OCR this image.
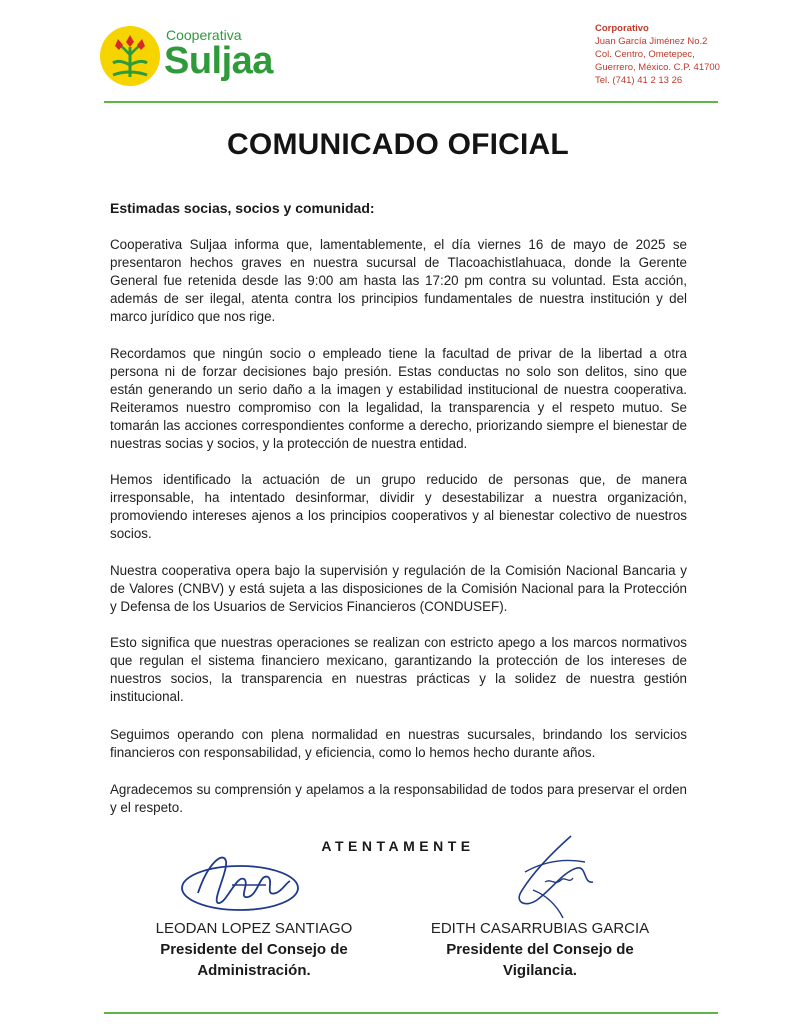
Cooperativa
Suljaa
Corporativo
Juan García Jiménez No.2
Col. Centro, Ometepec,
Guerrero, México. C.P. 41700
Tel. (741) 41 2 13 26
COMUNICADO OFICIAL
Estimadas socias, socios y comunidad:
Cooperativa Suljaa informa que, lamentablemente, el día viernes 16 de mayo de 2025 se presentaron hechos graves en nuestra sucursal de Tlacoachistlahuaca, donde la Gerente General fue retenida desde las 9:00 am hasta las 17:20 pm contra su voluntad. Esta acción, además de ser ilegal, atenta contra los principios fundamentales de nuestra institución y del marco jurídico que nos rige.
Recordamos que ningún socio o empleado tiene la facultad de privar de la libertad a otra persona ni de forzar decisiones bajo presión. Estas conductas no solo son delitos, sino que están generando un serio daño a la imagen y estabilidad institucional de nuestra cooperativa. Reiteramos nuestro compromiso con la legalidad, la transparencia y el respeto mutuo. Se tomarán las acciones correspondientes conforme a derecho, priorizando siempre el bienestar de nuestras socias y socios, y la protección de nuestra entidad.
Hemos identificado la actuación de un grupo reducido de personas que, de manera irresponsable, ha intentado desinformar, dividir y desestabilizar a nuestra organización, promoviendo intereses ajenos a los principios cooperativos y al bienestar colectivo de nuestros socios.
Nuestra cooperativa opera bajo la supervisión y regulación de la Comisión Nacional Bancaria y de Valores (CNBV) y está sujeta a las disposiciones de la Comisión Nacional para la Protección y Defensa de los Usuarios de Servicios Financieros (CONDUSEF).
Esto significa que nuestras operaciones se realizan con estricto apego a los marcos normativos que regulan el sistema financiero mexicano, garantizando la protección de los intereses de nuestros socios, la transparencia en nuestras prácticas y la solidez de nuestra gestión institucional.
Seguimos operando con plena normalidad en nuestras sucursales, brindando los servicios financieros con responsabilidad, y eficiencia, como lo hemos hecho durante años.
Agradecemos su comprensión y apelamos a la responsabilidad de todos para preservar el orden y el respeto.
ATENTAMENTE
LEODAN LOPEZ SANTIAGO
Presidente del Consejo de
Administración.
EDITH CASARRUBIAS GARCIA
Presidente del Consejo de
Vigilancia.
